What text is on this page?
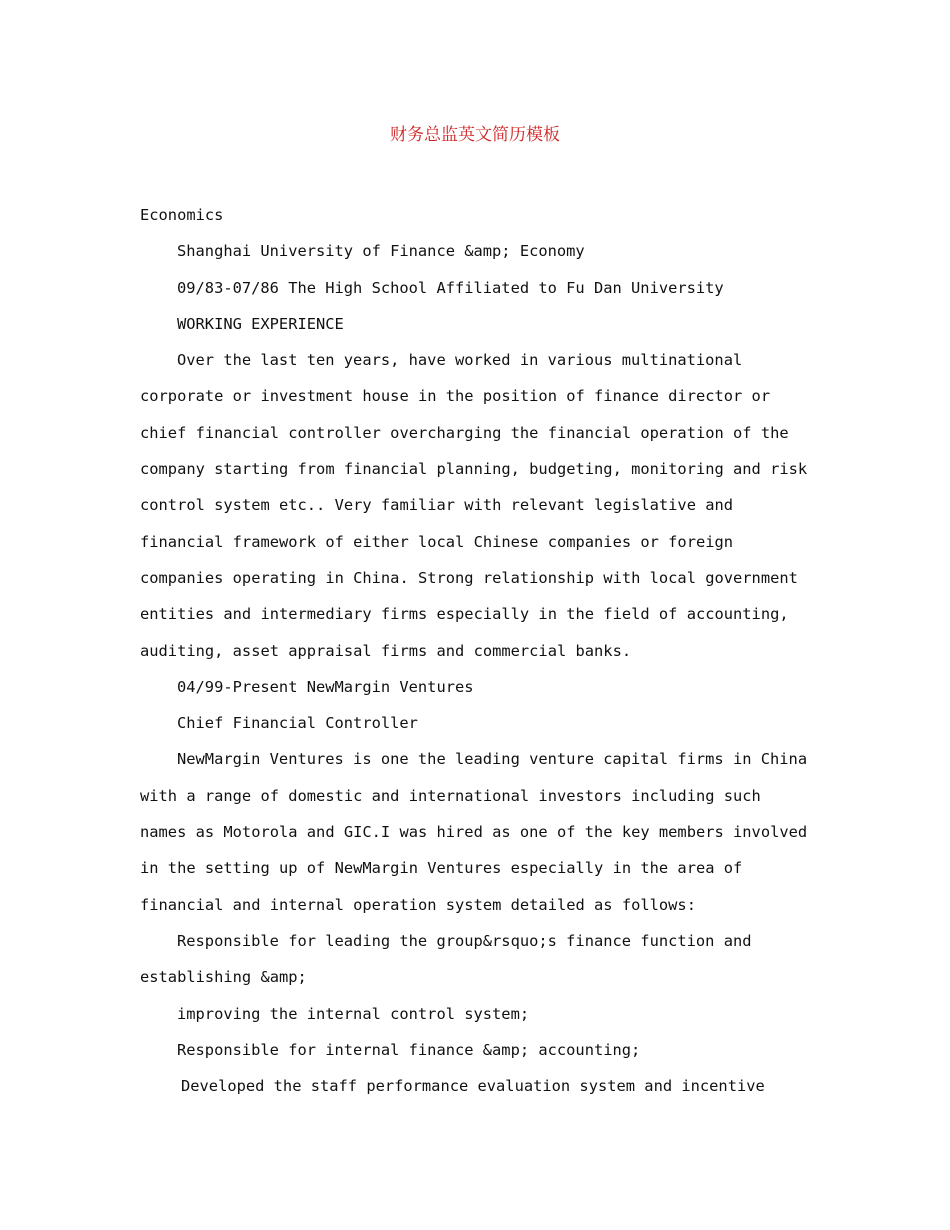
财务总监英文简历模板
Economics
Shanghai University of Finance &amp; Economy
09/83-07/86 The High School Affiliated to Fu Dan University
WORKING EXPERIENCE
Over the last ten years, have worked in various multinational
corporate or investment house in the position of finance director or
chief financial controller overcharging the financial operation of the
company starting from financial planning, budgeting, monitoring and risk
control system etc.. Very familiar with relevant legislative and
financial framework of either local Chinese companies or foreign
companies operating in China. Strong relationship with local government
entities and intermediary firms especially in the field of accounting,
auditing, asset appraisal firms and commercial banks.
04/99-Present NewMargin Ventures
Chief Financial Controller
NewMargin Ventures is one the leading venture capital firms in China
with a range of domestic and international investors including such
names as Motorola and GIC.I was hired as one of the key members involved
in the setting up of NewMargin Ventures especially in the area of
financial and internal operation system detailed as follows:
Responsible for leading the group&rsquo;s finance function and
establishing &amp;
improving the internal control system;
Responsible for internal finance &amp; accounting;
Developed the staff performance evaluation system and incentive
